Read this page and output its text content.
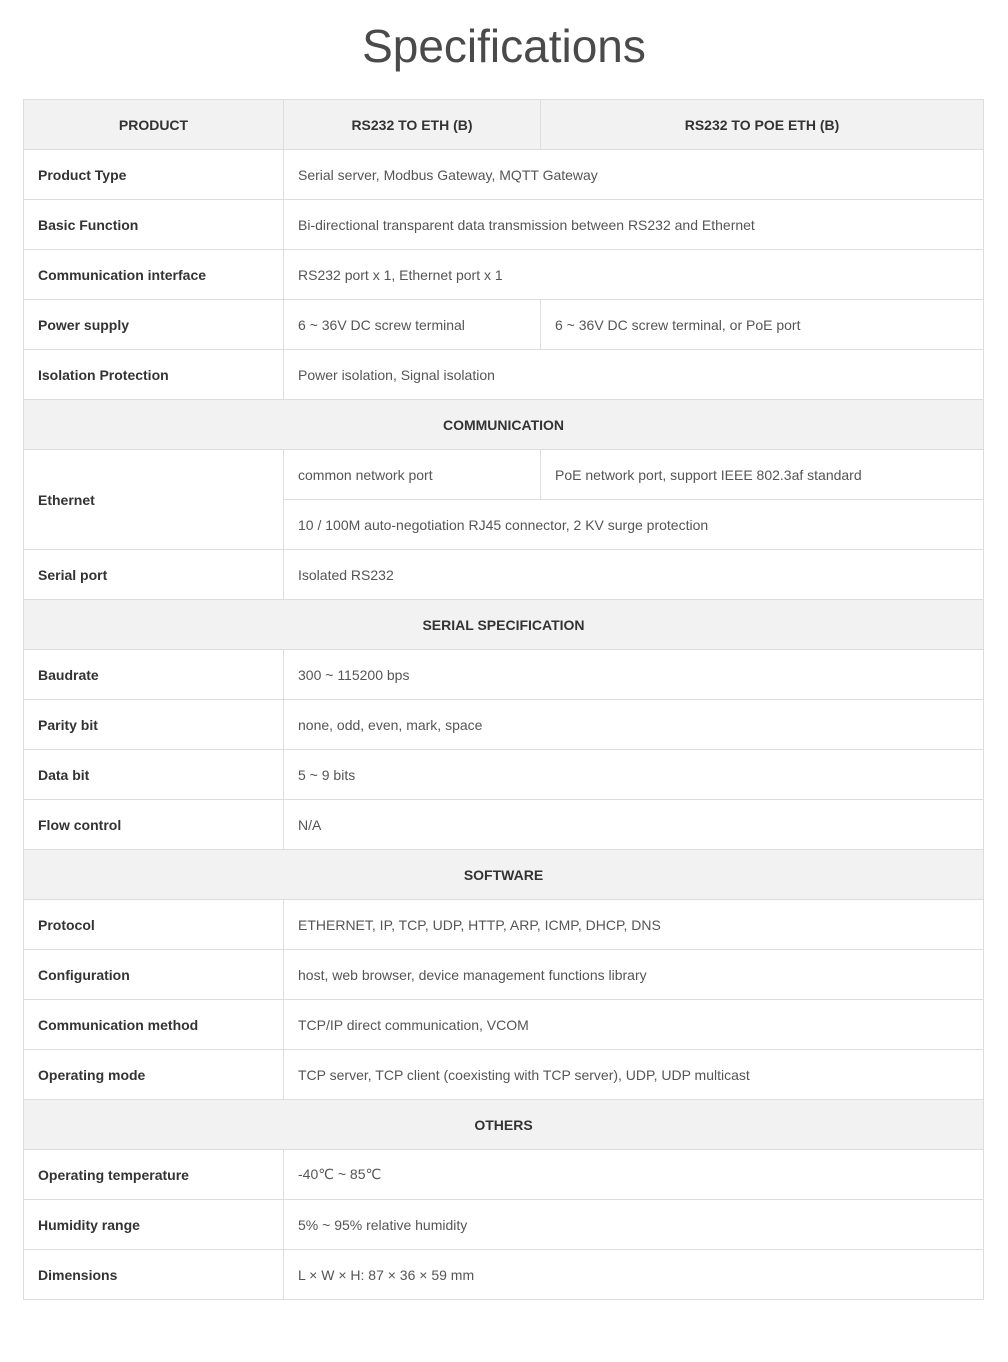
Specifications
PRODUCT	RS232 TO ETH (B)	RS232 TO POE ETH (B)
Product Type	Serial server, Modbus Gateway, MQTT Gateway	
Basic Function	Bi-directional transparent data transmission between RS232 and Ethernet	
Communication interface	RS232 port x 1, Ethernet port x 1	
Power supply	6 ~ 36V DC screw terminal	6 ~ 36V DC screw terminal, or PoE port
Isolation Protection	Power isolation, Signal isolation	
COMMUNICATION		
Ethernet	common network port	PoE network port, support IEEE 802.3af standard
	10 / 100M auto-negotiation RJ45 connector, 2 KV surge protection	
Serial port	Isolated RS232	
SERIAL SPECIFICATION		
Baudrate	300 ~ 115200 bps	
Parity bit	none, odd, even, mark, space	
Data bit	5 ~ 9 bits	
Flow control	N/A	
SOFTWARE		
Protocol	ETHERNET, IP, TCP, UDP, HTTP, ARP, ICMP, DHCP, DNS	
Configuration	host, web browser, device management functions library	
Communication method	TCP/IP direct communication, VCOM	
Operating mode	TCP server, TCP client (coexisting with TCP server), UDP, UDP multicast	
OTHERS		
Operating temperature	-40℃ ~ 85℃	
Humidity range	5% ~ 95% relative humidity	
Dimensions	L × W × H: 87 × 36 × 59 mm	
